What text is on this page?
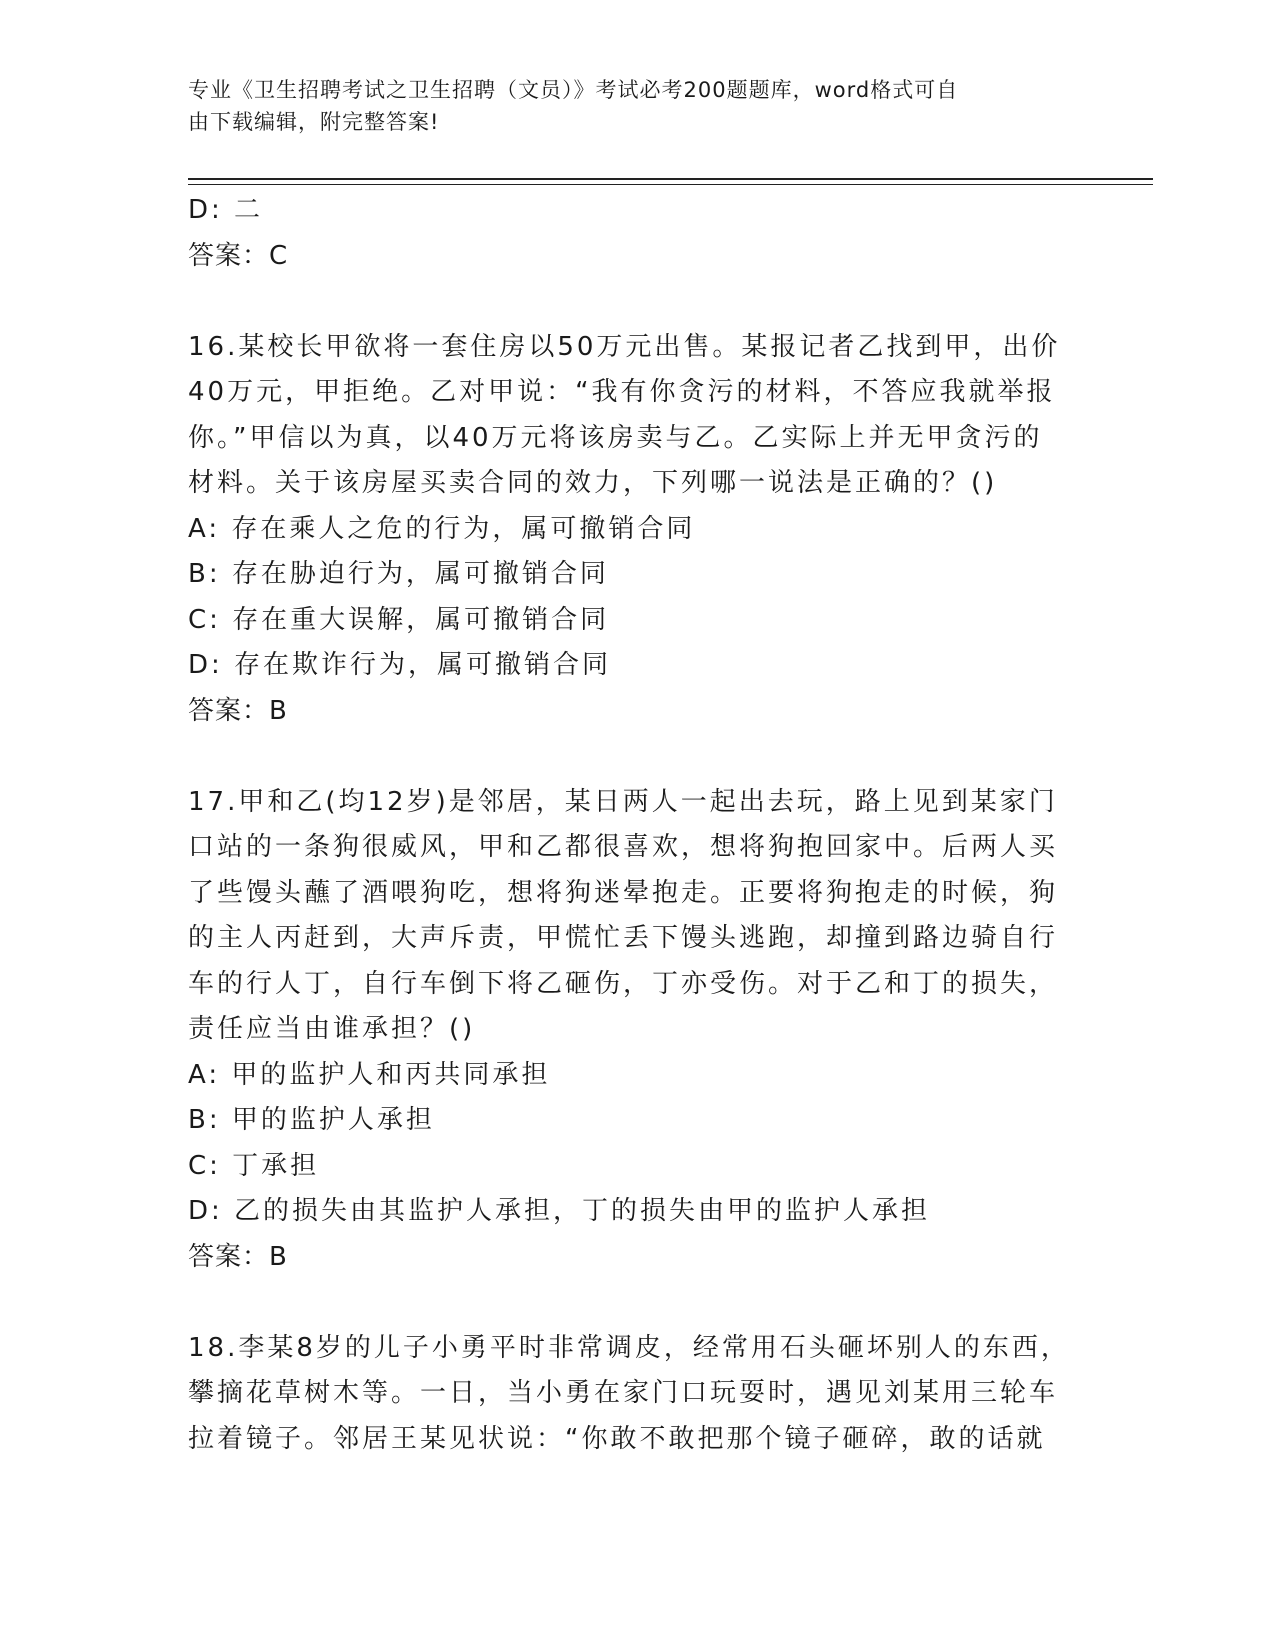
专业《卫生招聘考试之卫生招聘（文员）》考试必考200题题库，word格式可自
由下载编辑，附完整答案!
D: 二
答案：C
16.某校长甲欲将一套住房以50万元出售。某报记者乙找到甲，出价
40万元，甲拒绝。乙对甲说：“我有你贪污的材料，不答应我就举报
你。”甲信以为真，以40万元将该房卖与乙。乙实际上并无甲贪污的
材料。关于该房屋买卖合同的效力，下列哪一说法是正确的？()
A: 存在乘人之危的行为，属可撤销合同
B: 存在胁迫行为，属可撤销合同
C: 存在重大误解，属可撤销合同
D: 存在欺诈行为，属可撤销合同
答案：B
17.甲和乙(均12岁)是邻居，某日两人一起出去玩，路上见到某家门
口站的一条狗很威风，甲和乙都很喜欢，想将狗抱回家中。后两人买
了些馒头蘸了酒喂狗吃，想将狗迷晕抱走。正要将狗抱走的时候，狗
的主人丙赶到，大声斥责，甲慌忙丢下馒头逃跑，却撞到路边骑自行
车的行人丁，自行车倒下将乙砸伤，丁亦受伤。对于乙和丁的损失，
责任应当由谁承担？()
A: 甲的监护人和丙共同承担
B: 甲的监护人承担
C: 丁承担
D: 乙的损失由其监护人承担，丁的损失由甲的监护人承担
答案：B
18.李某8岁的儿子小勇平时非常调皮，经常用石头砸坏别人的东西，
攀摘花草树木等。一日，当小勇在家门口玩耍时，遇见刘某用三轮车
拉着镜子。邻居王某见状说：“你敢不敢把那个镜子砸碎，敢的话就
